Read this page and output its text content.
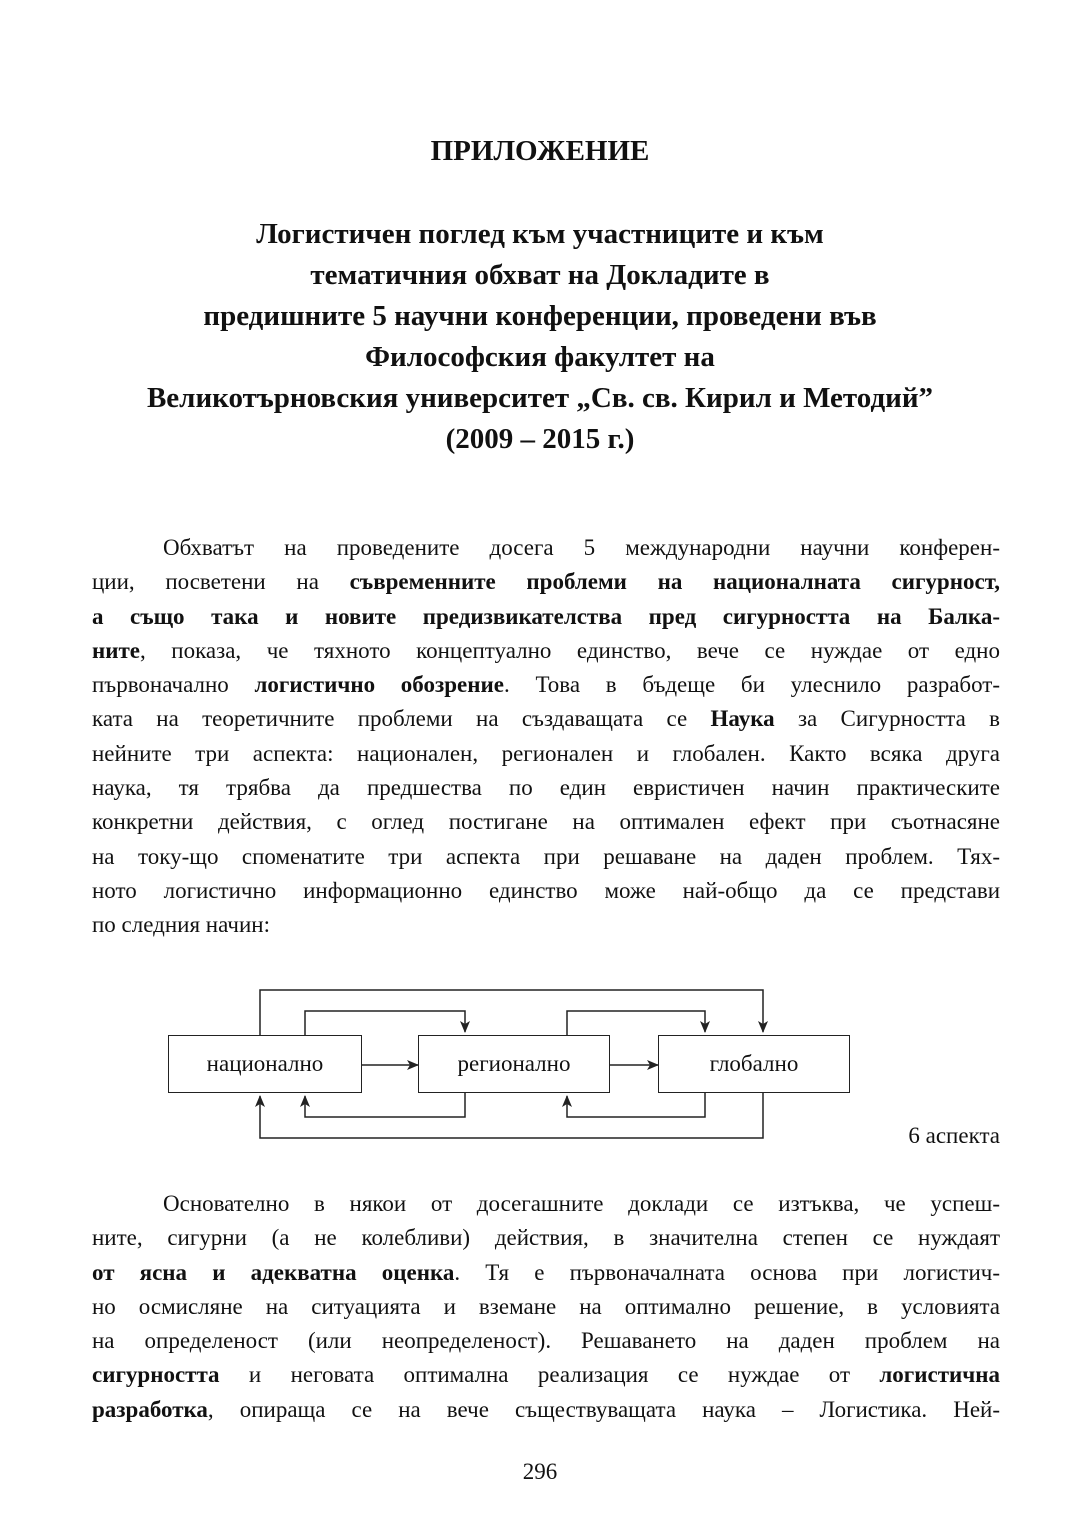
ПРИЛОЖЕНИЕ
Логистичен поглед към участниците и към
тематичния обхват на Докладите в
предишните 5 научни конференции, проведени във
Философския факултет на
Великотърновския университет „Св. св. Кирил и Методий”
(2009 – 2015 г.)
Обхватът на проведените досега 5 международни научни конферен-
ции, посветени на съвременните проблеми на националната сигурност,
а също така и новите предизвикателства пред сигурността на Балка-
ните, показа, че тяхното концептуално единство, вече се нуждае от едно
първоначално логистично обозрение. Това в бъдеще би улеснило разработ-
ката на теоретичните проблеми на създаващата се Наука за Сигурността в
нейните три аспекта: национален, регионален и глобален. Както всяка друга
наука, тя трябва да предшества по един евристичен начин практическите
конкретни действия, с оглед постигане на оптимален ефект при съотнасяне
на току-що споменатите три аспекта при решаване на даден проблем. Тях-
ното логистично информационно единство може най-общо да се представи
по следния начин:
национално	регионално	глобално
6 аспекта
Основателно в някои от досегашните доклади се изтъква, че успеш-
ните, сигурни (а не колебливи) действия, в значителна степен се нуждаят
от ясна и адекватна оценка. Тя е първоначалната основа при логистич-
но осмисляне на ситуацията и вземане на оптимално решение, в условията
на определеност (или неопределеност). Решаването на даден проблем на
сигурността и неговата оптимална реализация се нуждае от логистична
разработка, опираща се на вече съществуващата наука – Логистика. Ней-
296
